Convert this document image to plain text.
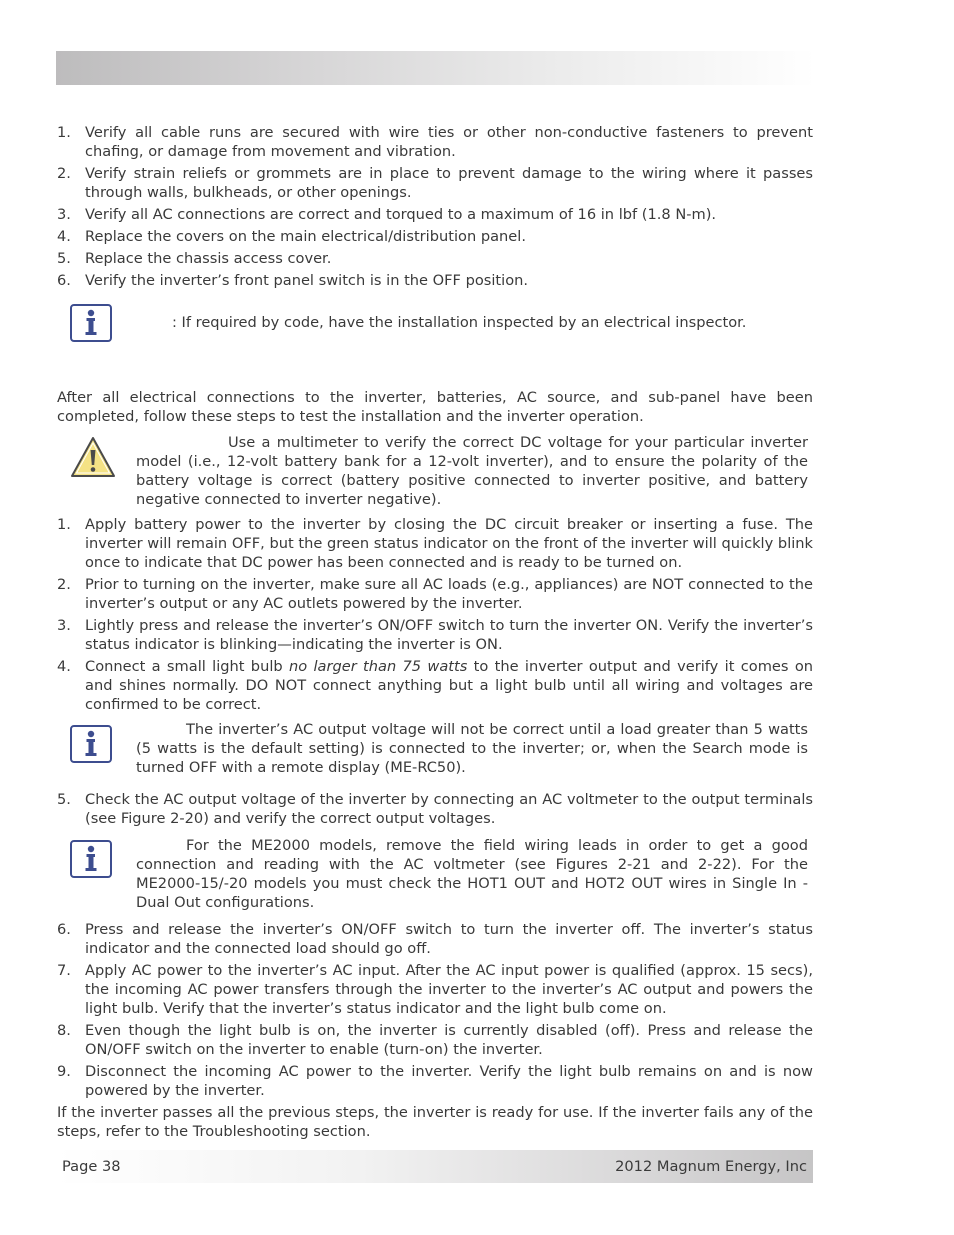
1. Verify all cable runs are secured with wire ties or other non-conductive fasteners to prevent chafing, or damage from movement and vibration.
2. Verify strain reliefs or grommets are in place to prevent damage to the wiring where it passes through walls, bulkheads, or other openings.
3. Verify all AC connections are correct and torqued to a maximum of 16 in lbf (1.8 N-m).
4. Replace the covers on the main electrical/distribution panel.
5. Replace the chassis access cover.
6. Verify the inverter’s front panel switch is in the OFF position.
: If required by code, have the installation inspected by an electrical inspector.
After all electrical connections to the inverter, batteries, AC source, and sub-panel have been completed, follow these steps to test the installation and the inverter operation.
Use a multimeter to verify the correct DC voltage for your particular inverter model (i.e., 12-volt battery bank for a 12-volt inverter), and to ensure the polarity of the battery voltage is correct (battery positive connected to inverter positive, and battery negative connected to inverter negative).
1. Apply battery power to the inverter by closing the DC circuit breaker or inserting a fuse. The inverter will remain OFF, but the green status indicator on the front of the inverter will quickly blink once to indicate that DC power has been connected and is ready to be turned on.
2. Prior to turning on the inverter, make sure all AC loads (e.g., appliances) are NOT connected to the inverter’s output or any AC outlets powered by the inverter.
3. Lightly press and release the inverter’s ON/OFF switch to turn the inverter ON. Verify the inverter’s status indicator is blinking—indicating the inverter is ON.
4. Connect a small light bulb no larger than 75 watts to the inverter output and verify it comes on and shines normally. DO NOT connect anything but a light bulb until all wiring and voltages are confirmed to be correct.
The inverter’s AC output voltage will not be correct until a load greater than 5 watts (5 watts is the default setting) is connected to the inverter; or, when the Search mode is turned OFF with a remote display (ME-RC50).
5. Check the AC output voltage of the inverter by connecting an AC voltmeter to the output terminals (see Figure 2-20) and verify the correct output voltages.
For the ME2000 models, remove the field wiring leads in order to get a good connection and reading with the AC voltmeter (see Figures 2-21 and 2-22). For the ME2000-15/-20 models you must check the HOT1 OUT and HOT2 OUT wires in Single In - Dual Out configurations.
6. Press and release the inverter’s ON/OFF switch to turn the inverter off. The inverter’s status indicator and the connected load should go off.
7. Apply AC power to the inverter’s AC input. After the AC input power is qualified (approx. 15 secs), the incoming AC power transfers through the inverter to the inverter’s AC output and powers the light bulb. Verify that the inverter’s status indicator and the light bulb come on.
8. Even though the light bulb is on, the inverter is currently disabled (off). Press and release the ON/OFF switch on the inverter to enable (turn-on) the inverter.
9. Disconnect the incoming AC power to the inverter. Verify the light bulb remains on and is now powered by the inverter.
If the inverter passes all the previous steps, the inverter is ready for use. If the inverter fails any of the steps, refer to the Troubleshooting section.
Page 38	2012 Magnum Energy, Inc
